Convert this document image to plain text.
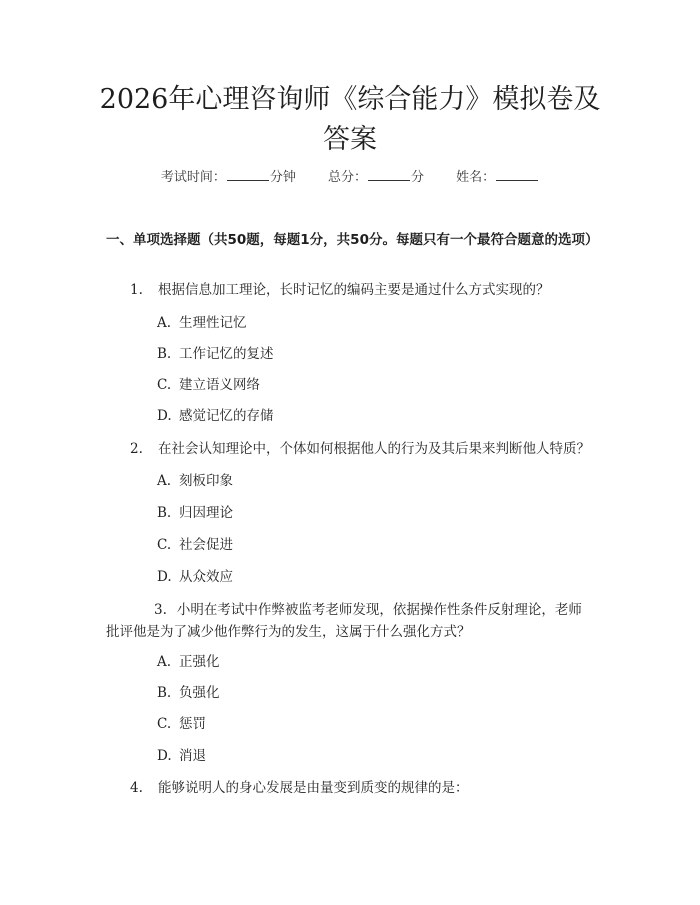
2026年心理咨询师《综合能力》模拟卷及答案
考试时间：	分钟 总分：	分 姓名：
一、单项选择题（共50题，每题1分，共50分。每题只有一个最符合题意的选项）
1. 根据信息加工理论，长时记忆的编码主要是通过什么方式实现的？
A. 生理性记忆
B. 工作记忆的复述
C. 建立语义网络
D. 感觉记忆的存储
2. 在社会认知理论中，个体如何根据他人的行为及其后果来判断他人特质？
A. 刻板印象
B. 归因理论
C. 社会促进
D. 从众效应
3. 小明在考试中作弊被监考老师发现，依据操作性条件反射理论，老师批评他是为了减少他作弊行为的发生，这属于什么强化方式？
A. 正强化
B. 负强化
C. 惩罚
D. 消退
4. 能够说明人的身心发展是由量变到质变的规律的是：
